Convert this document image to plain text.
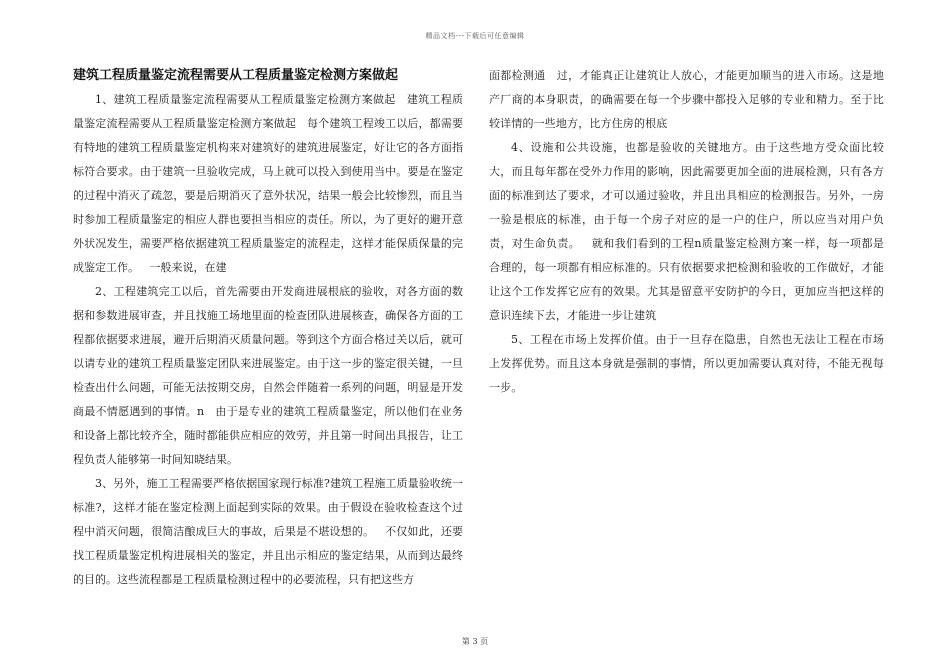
精品文档---下载后可任意编辑
建筑工程质量鉴定流程需要从工程质量鉴定检测方案做起

1、建筑工程质量鉴定流程需要从工程质量鉴定检测方案做起   建筑工程质量鉴定流程需要从工程质量鉴定检测方案做起   每个建筑工程竣工以后，都需要有特地的建筑工程质量鉴定机构来对建筑好的建筑进展鉴定，好让它的各方面指标符合要求。由于建筑一旦验收完成，马上就可以投入到使用当中。要是在鉴定的过程中消灭了疏忽，要是后期消灭了意外状况，结果一般会比较惨烈，而且当时参加工程质量鉴定的相应人群也要担当相应的责任。所以，为了更好的避开意外状况发生，需要严格依据建筑工程质量鉴定的流程走，这样才能保质保量的完成鉴定工作。   一般来说，在建

2、工程建筑完工以后，首先需要由开发商进展根底的验收，对各方面的数据和参数进展审查，并且找施工场地里面的检查团队进展核查，确保各方面的工程都依据要求进展，避开后期消灭质量问题。等到这个方面合格过关以后，就可以请专业的建筑工程质量鉴定团队来进展鉴定。由于这一步的鉴定很关键，一旦检查出什么问题，可能无法按期交房，自然会伴随着一系列的问题，明显是开发商最不情愿遇到的事情。n   由于是专业的建筑工程质量鉴定，所以他们在业务和设备上都比较齐全，随时都能供应相应的效劳，并且第一时间出具报告，让工程负责人能够第一时间知晓结果。

3、另外，施工工程需要严格依据国家现行标准?建筑工程施工质量验收统一标准?，这样才能在鉴定检测上面起到实际的效果。由于假设在验收检查这个过程中消灭问题，很简洁酿成巨大的事故，后果是不堪设想的。   不仅如此，还要找工程质量鉴定机构进展相关的鉴定，并且出示相应的鉴定结果，从而到达最终的目的。这些流程都是工程质量检测过程中的必要流程，只有把这些方

面都检测通   过，才能真正让建筑让人放心，才能更加顺当的进入市场。这是地产厂商的本身职责，的确需要在每一个步骤中都投入足够的专业和精力。至于比较详情的一些地方，比方住房的根底

4、设施和公共设施，也都是验收的关键地方。由于这些地方受众面比较大，而且每年都在受外力作用的影响，因此需要更加全面的进展检测，只有各方面的标准到达了要求，才可以通过验收，并且出具相应的检测报告。另外，一房一验是根底的标准，由于每一个房子对应的是一户的住户，所以应当对用户负责，对生命负责。   就和我们看到的工程n质量鉴定检测方案一样，每一项都是合理的，每一项都有相应标准的。只有依据要求把检测和验收的工作做好，才能让这个工作发挥它应有的效果。尤其是留意平安防护的今日，更加应当把这样的意识连续下去，才能进一步让建筑

5、工程在市场上发挥价值。由于一旦存在隐患，自然也无法让工程在市场上发挥优势。而且这本身就是强制的事情，所以更加需要认真对待，不能无视每一步。

第 3 页
